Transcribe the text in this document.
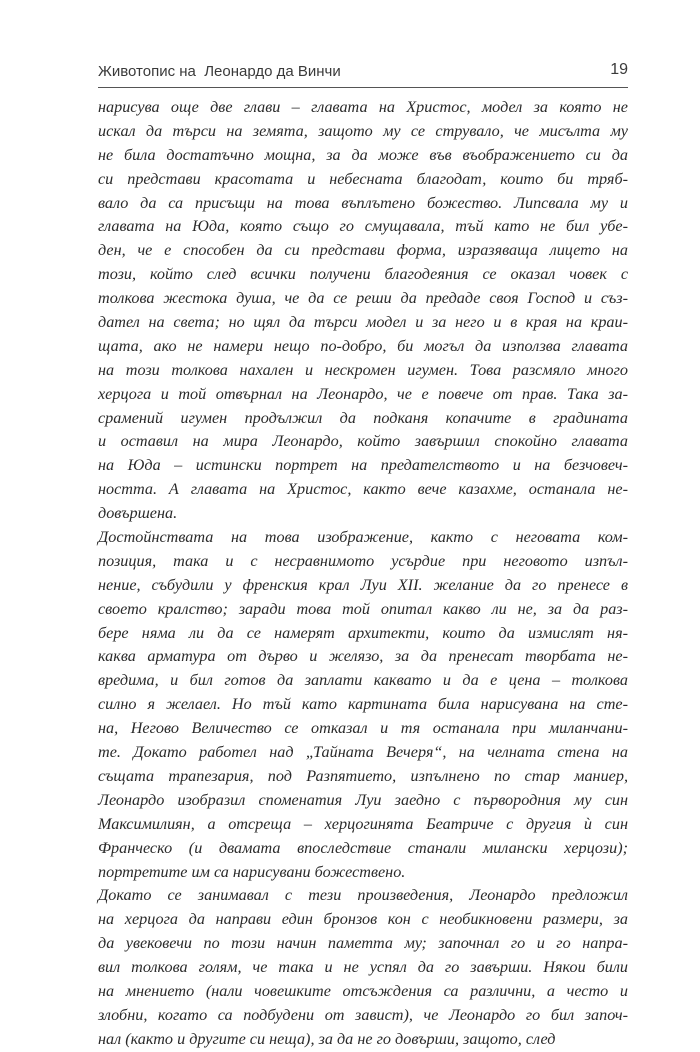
Животопис на  Леонардо да Винчи	19

нарисува още две глави – главата на Христос, модел за която не
искал да търси на земята, защото му се струвало, че мисълта му
не била достатъчно мощна, за да може във въображението си да
си представи красотата и небесната благодат, които би тряб-
вало да са присъщи на това въплътено божество. Липсвала му и
главата на Юда, която също го смущавала, тъй като не бил убе-
ден, че е способен да си представи форма, изразяваща лицето на
този, който след всички получени благодеяния се оказал човек с
толкова жестока душа, че да се реши да предаде своя Господ и съз-
дател на света; но щял да търси модел и за него и в края на краи-
щата, ако не намери нещо по-добро, би могъл да използва главата
на този толкова нахален и нескромен игумен. Това разсмяло много
херцога и той отвърнал на Леонардо, че е повече от прав. Така за-
срамений игумен продължил да подканя копачите в градината
и оставил на мира Леонардо, който завършил спокойно главата
на Юда – истински портрет на предателството и на безчовеч-
ността. А главата на Христос, както вече казахме, останала не-
довършена.

Достойнствата на това изображение, както с неговата ком-
позиция, така и с несравнимото усърдие при неговото изпъл-
нение, събудили у френския крал Луи XII. желание да го пренесе в
своето кралство; заради това той опитал какво ли не, за да раз-
бере няма ли да се намерят архитекти, които да измислят ня-
каква арматура от дърво и желязо, за да пренесат творбата не-
вредима, и бил готов да заплати каквато и да е цена – толкова
силно я желаел. Но тъй като картината била нарисувана на сте-
на, Негово Величество се отказал и тя останала при миланчани-
те. Докато работел над „Тайната Вечеря“, на челната стена на
същата трапезария, под Разпятието, изпълнено по стар маниер,
Леонардо изобразил споменатия Луи заедно с първородния му син
Максимилиян, а отсреща – херцогинята Беатриче с другия ѝ син
Франческо (и двамата впоследствие станали милански херцози);
портретите им са нарисувани божествено.

Докато се занимавал с тези произведения, Леонардо предложил
на херцога да направи един бронзов кон с необикновени размери, за
да увековечи по този начин паметта му; започнал го и го напра-
вил толкова голям, че така и не успял да го завърши. Някои били
на мнението (нали човешките отсъждения са различни, а често и
злобни, когато са подбудени от завист), че Леонардо го бил започ-
нал (както и другите си неща), за да не го довърши, защото, след
